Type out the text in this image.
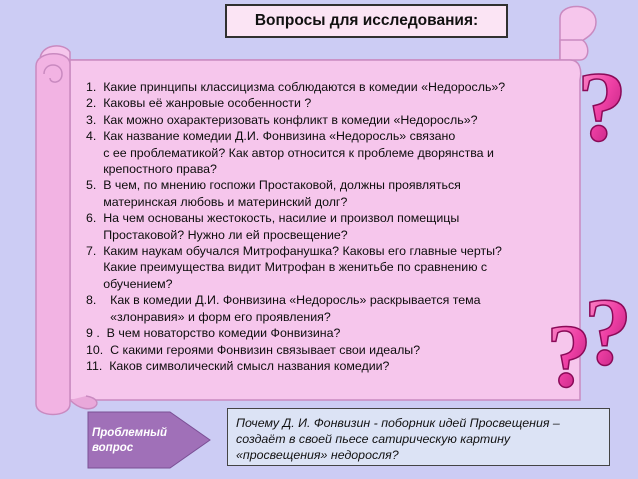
?
?
?
Вопросы для исследования:
1. Какие принципы классицизма соблюдаются в комедии «Недоросль»?
2. Каковы её жанровые особенности ?
3. Как можно охарактеризовать конфликт в комедии «Недоросль»?
4. Как название комедии Д.И. Фонвизина «Недоросль» связано
с ее проблематикой? Как автор относится к проблеме дворянства и
крепостного права?
5. В чем, по мнению госпожи Простаковой, должны проявляться
материнская любовь и материнский долг?
6. На чем основаны жестокость, насилие и произвол помещицы
Простаковой? Нужно ли ей просвещение?
7. Каким наукам обучался Митрофанушка? Каковы его главные черты?
Какие преимущества видит Митрофан в женитьбе по сравнению с
обучением?
8. Как в комедии Д.И. Фонвизина «Недоросль» раскрывается тема
«злонравия» и форм его проявления?
9 . В чем новаторство комедии Фонвизина?
10. С какими героями Фонвизин связывает свои идеалы?
11. Каков символический смысл названия комедии?
Проблемный
вопрос
Почему Д. И. Фонвизин - поборник идей Просвещения –
создаёт в своей пьесе сатирическую картину
«просвещения» недоросля?
